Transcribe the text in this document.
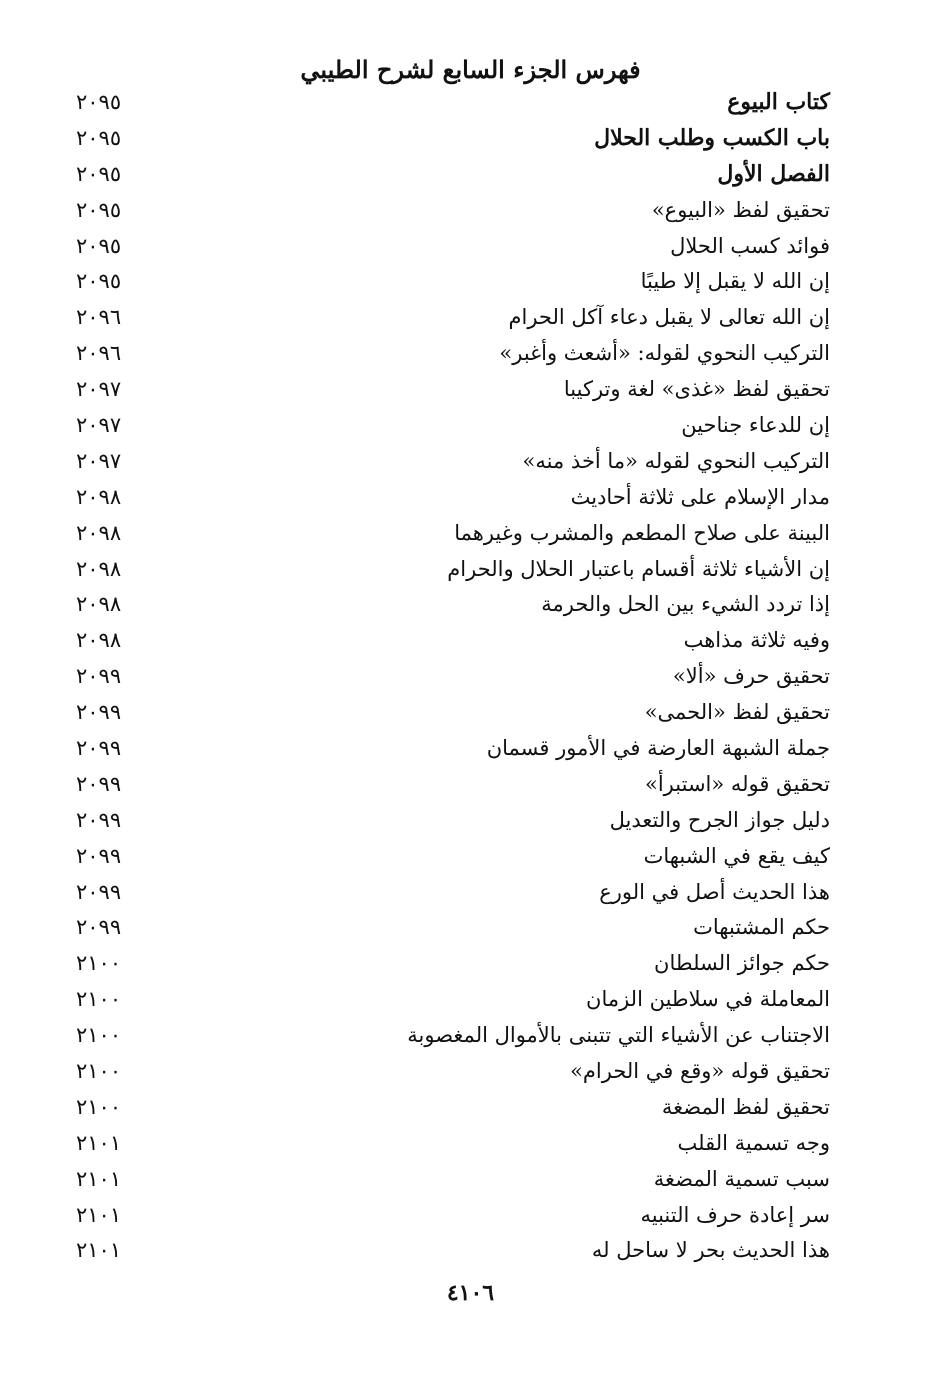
فهرس الجزء السابع لشرح الطيبي
٢٠٩٥	كتاب البيوع
٢٠٩٥	باب الكسب وطلب الحلال
٢٠٩٥	الفصل الأول
٢٠٩٥	تحقيق لفظ «البيوع»
٢٠٩٥	فوائد كسب الحلال
٢٠٩٥	إن الله لا يقبل إلا طيبًا
٢٠٩٦	إن الله تعالى لا يقبل دعاء آكل الحرام
٢٠٩٦	التركيب النحوي لقوله: «أشعث وأغبر»
٢٠٩٧	تحقيق لفظ «غذى» لغة وتركيبا
٢٠٩٧	إن للدعاء جناحين
٢٠٩٧	التركيب النحوي لقوله «ما أخذ منه»
٢٠٩٨	مدار الإسلام على ثلاثة أحاديث
٢٠٩٨	البينة على صلاح المطعم والمشرب وغيرهما
٢٠٩٨	إن الأشياء ثلاثة أقسام باعتبار الحلال والحرام
٢٠٩٨	إذا تردد الشيء بين الحل والحرمة
٢٠٩٨	وفيه ثلاثة مذاهب
٢٠٩٩	تحقيق حرف «ألا»
٢٠٩٩	تحقيق لفظ «الحمى»
٢٠٩٩	جملة الشبهة العارضة في الأمور قسمان
٢٠٩٩	تحقيق قوله «استبرأ»
٢٠٩٩	دليل جواز الجرح والتعديل
٢٠٩٩	كيف يقع في الشبهات
٢٠٩٩	هذا الحديث أصل في الورع
٢٠٩٩	حكم المشتبهات
٢١٠٠	حكم جوائز السلطان
٢١٠٠	المعاملة في سلاطين الزمان
٢١٠٠	الاجتناب عن الأشياء التي تتبنى بالأموال المغصوبة
٢١٠٠	تحقيق قوله «وقع في الحرام»
٢١٠٠	تحقيق لفظ المضغة
٢١٠١	وجه تسمية القلب
٢١٠١	سبب تسمية المضغة
٢١٠١	سر إعادة حرف التنبيه
٢١٠١	هذا الحديث بحر لا ساحل له
٤١٠٦
